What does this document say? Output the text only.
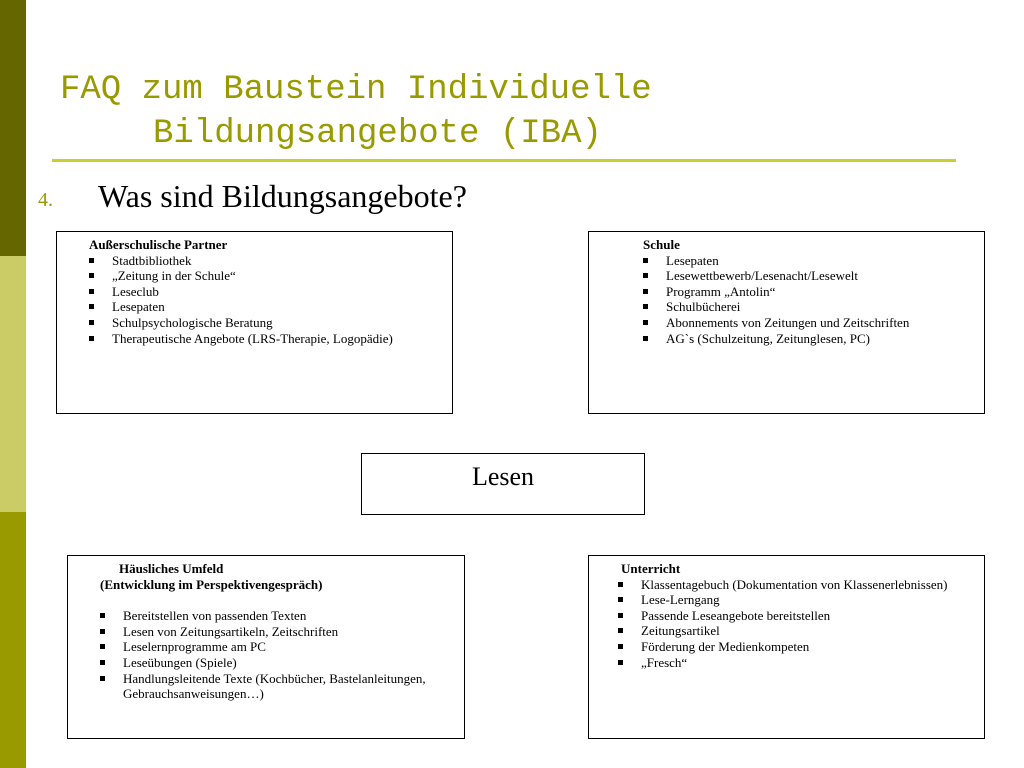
FAQ zum Baustein Individuelle
Bildungsangebote (IBA)
4. Was sind Bildungsangebote?

Außerschulische Partner

Stadtbibliothek
„Zeitung in der Schule“
Leseclub
Lesepaten
Schulpsychologische Beratung
Therapeutische Angebote (LRS-Therapie, Logopädie)

Schule

Lesepaten
Lesewettbewerb/Lesenacht/Lesewelt
Programm „Antolin“
Schulbücherei
Abonnements von Zeitungen und Zeitschriften
AG`s (Schulzeitung, Zeitunglesen, PC)
Lesen

Häusliches Umfeld

(Entwicklung im Perspektivengespräch)

Bereitstellen von passenden Texten
Lesen von Zeitungsartikeln, Zeitschriften
Leselernprogramme am PC
Leseübungen (Spiele)
Handlungsleitende Texte (Kochbücher, Bastelanleitungen, Gebrauchsanweisungen…)

Unterricht

Klassentagebuch (Dokumentation von Klassenerlebnissen)
Lese-Lerngang
Passende Leseangebote bereitstellen
Zeitungsartikel
Förderung der Medienkompeten
„Fresch“
